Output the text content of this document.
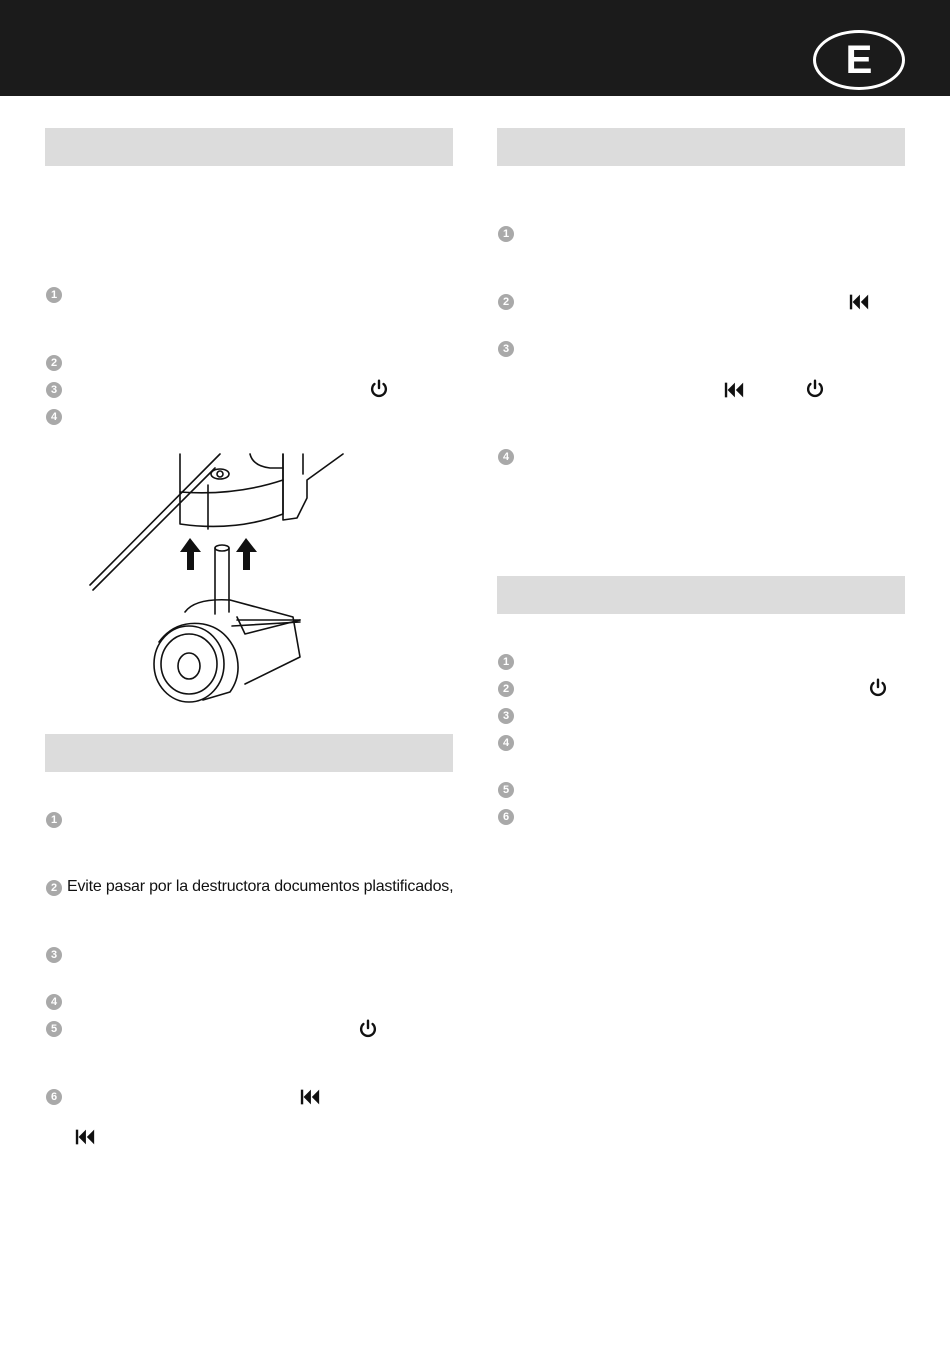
E
1
2
3
4
1
2 Evite pasar por la destructora documentos plastificados,
3
4
5
6
1
2
3
4
1
2
3
4
5
6
